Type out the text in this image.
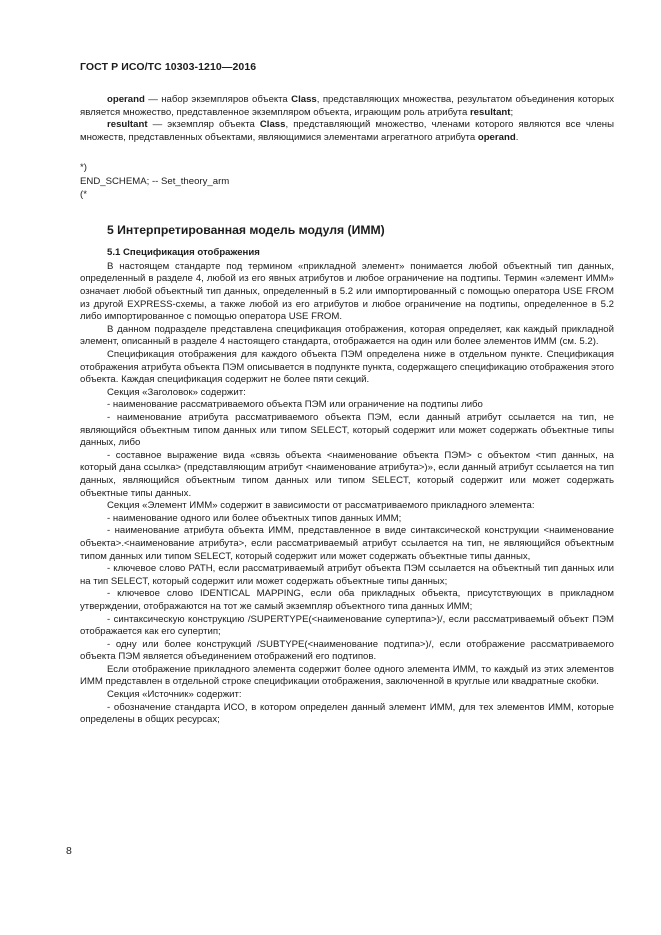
ГОСТ Р ИСО/ТС 10303-1210—2016

operand — набор экземпляров объекта Class, представляющих множества, результатом объединения которых является множество, представленное экземпляром объекта, играющим роль атрибута resultant;

resultant — экземпляр объекта Class, представляющий множество, членами которого являются все члены множеств, представленных объектами, являющимися элементами агрегатного атрибута operand.

*)

END_SCHEMA; -- Set_theory_arm

(*

5 Интерпретированная модель модуля (ИММ)

5.1 Спецификация отображения

В настоящем стандарте под термином «прикладной элемент» понимается любой объектный тип данных, определенный в разделе 4, любой из его явных атрибутов и любое ограничение на подтипы. Термин «элемент ИММ» означает любой объектный тип данных, определенный в 5.2 или импортированный с помощью оператора USE FROM из другой EXPRESS-схемы, а также любой из его атрибутов и любое ограничение на подтипы, определенное в 5.2 либо импортированное с помощью оператора USE FROM.

В данном подразделе представлена спецификация отображения, которая определяет, как каждый прикладной элемент, описанный в разделе 4 настоящего стандарта, отображается на один или более элементов ИММ (см. 5.2).

Спецификация отображения для каждого объекта ПЭМ определена ниже в отдельном пункте. Спецификация отображения атрибута объекта ПЭМ описывается в подпункте пункта, содержащего спецификацию отображения этого объекта. Каждая спецификация содержит не более пяти секций.

Секция «Заголовок» содержит:

- наименование рассматриваемого объекта ПЭМ или ограничение на подтипы либо

- наименование атрибута рассматриваемого объекта ПЭМ, если данный атрибут ссылается на тип, не являющийся объектным типом данных или типом SELECT, который содержит или может содержать объектные типы данных, либо

- составное выражение вида «связь объекта <наименование объекта ПЭМ> с объектом <тип данных, на который дана ссылка> (представляющим атрибут <наименование атрибута>)», если данный атрибут ссылается на тип данных, являющийся объектным типом данных или типом SELECT, который содержит или может содержать объектные типы данных.

Секция «Элемент ИММ» содержит в зависимости от рассматриваемого прикладного элемента:

- наименование одного или более объектных типов данных ИММ;

- наименование атрибута объекта ИММ, представленное в виде синтаксической конструкции <наименование объекта>.<наименование атрибута>, если рассматриваемый атрибут ссылается на тип, не являющийся объектным типом данных или типом SELECT, который содержит или может содержать объектные типы данных,

- ключевое слово PATH, если рассматриваемый атрибут объекта ПЭМ ссылается на объектный тип данных или на тип SELECT, который содержит или может содержать объектные типы данных;

- ключевое слово IDENTICAL MAPPING, если оба прикладных объекта, присутствующих в прикладном утверждении, отображаются на тот же самый экземпляр объектного типа данных ИММ;

- синтаксическую конструкцию /SUPERTYPE(<наименование супертипа>)/, если рассматриваемый объект ПЭМ отображается как его супертип;

- одну или более конструкций /SUBTYPE(<наименование подтипа>)/, если отображение рассматриваемого объекта ПЭМ является объединением отображений его подтипов.

Если отображение прикладного элемента содержит более одного элемента ИММ, то каждый из этих элементов ИММ представлен в отдельной строке спецификации отображения, заключенной в круглые или квадратные скобки.

Секция «Источник» содержит:

- обозначение стандарта ИСО, в котором определен данный элемент ИММ, для тех элементов ИММ, которые определены в общих ресурсах;

8
